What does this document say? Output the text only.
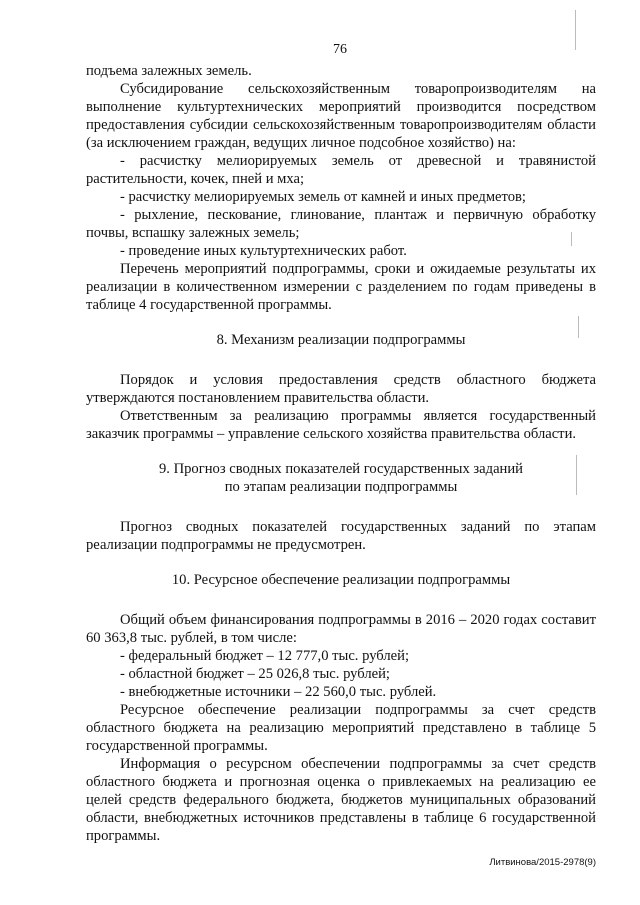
76

подъема залежных земель.

Субсидирование сельскохозяйственным товаропроизводителям на выполнение культуртехнических мероприятий производится посредством предоставления субсидии сельскохозяйственным товаропроизводителям области (за исключением граждан, ведущих личное подсобное хозяйство) на:

- расчистку мелиорируемых земель от древесной и травянистой растительности, кочек, пней и мха;

- расчистку мелиорируемых земель от камней и иных предметов;

- рыхление, пескование, глинование, плантаж и первичную обработку почвы, вспашку залежных земель;

- проведение иных культуртехнических работ.

Перечень мероприятий подпрограммы, сроки и ожидаемые результаты их реализации в количественном измерении с разделением по годам приведены в таблице 4 государственной программы.

8. Механизм реализации подпрограммы

Порядок и условия предоставления средств областного бюджета утверждаются постановлением правительства области.

Ответственным за реализацию программы является государственный заказчик программы – управление сельского хозяйства правительства области.

9. Прогноз сводных показателей государственных заданий

по этапам реализации подпрограммы

Прогноз сводных показателей государственных заданий по этапам реализации подпрограммы не предусмотрен.

10. Ресурсное обеспечение реализации подпрограммы

Общий объем финансирования подпрограммы в 2016 – 2020 годах составит 60 363,8 тыс. рублей, в том числе:

- федеральный бюджет – 12 777,0 тыс. рублей;

- областной бюджет – 25 026,8 тыс. рублей;

- внебюджетные источники – 22 560,0 тыс. рублей.

Ресурсное обеспечение реализации подпрограммы за счет средств областного бюджета на реализацию мероприятий представлено в таблице 5 государственной программы.

Информация о ресурсном обеспечении подпрограммы за счет средств областного бюджета и прогнозная оценка о привлекаемых на реализацию ее целей средств федерального бюджета, бюджетов муниципальных образований области, внебюджетных источников представлены в таблице 6 государственной программы.

Литвинова/2015-2978(9)
